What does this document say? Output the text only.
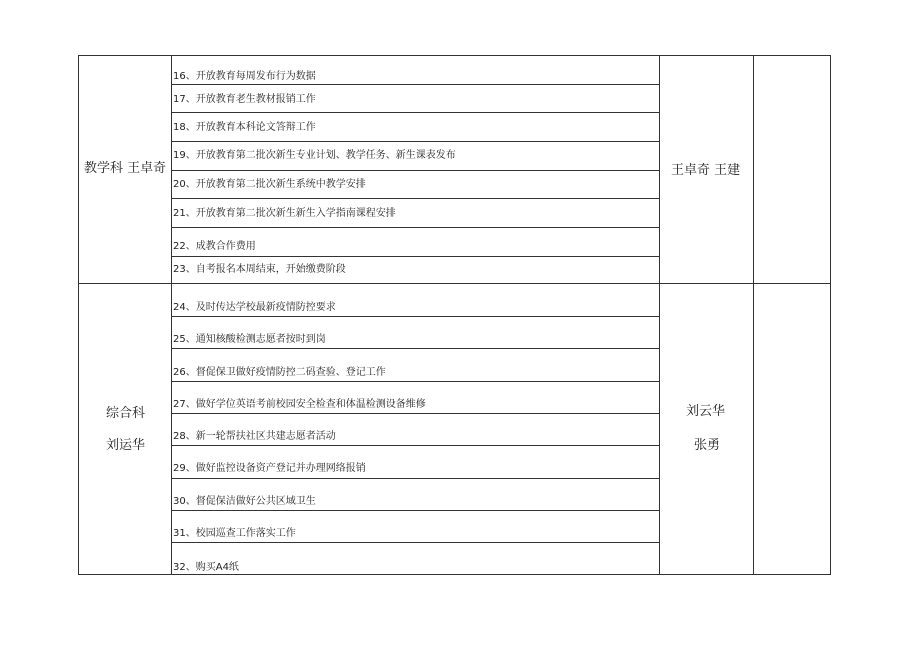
教学科 王卓奇	王卓奇 王建
16、开放教育每周发布行为数据
17、开放教育老生教材报销工作
18、开放教育本科论文答辩工作
19、开放教育第二批次新生专业计划、教学任务、新生课表发布
20、开放教育第二批次新生系统中教学安排
21、开放教育第二批次新生新生入学指南课程安排
22、成教合作费用
23、自考报名本周结束，开始缴费阶段
综合科
刘运华
刘云华
张勇
24、及时传达学校最新疫情防控要求
25、通知核酸检测志愿者按时到岗
26、督促保卫做好疫情防控二码查验、登记工作
27、做好学位英语考前校园安全检查和体温检测设备维修
28、新一轮帮扶社区共建志愿者活动
29、做好监控设备资产登记并办理网络报销
30、督促保洁做好公共区域卫生
31、校园巡查工作落实工作
32、购买A4纸
